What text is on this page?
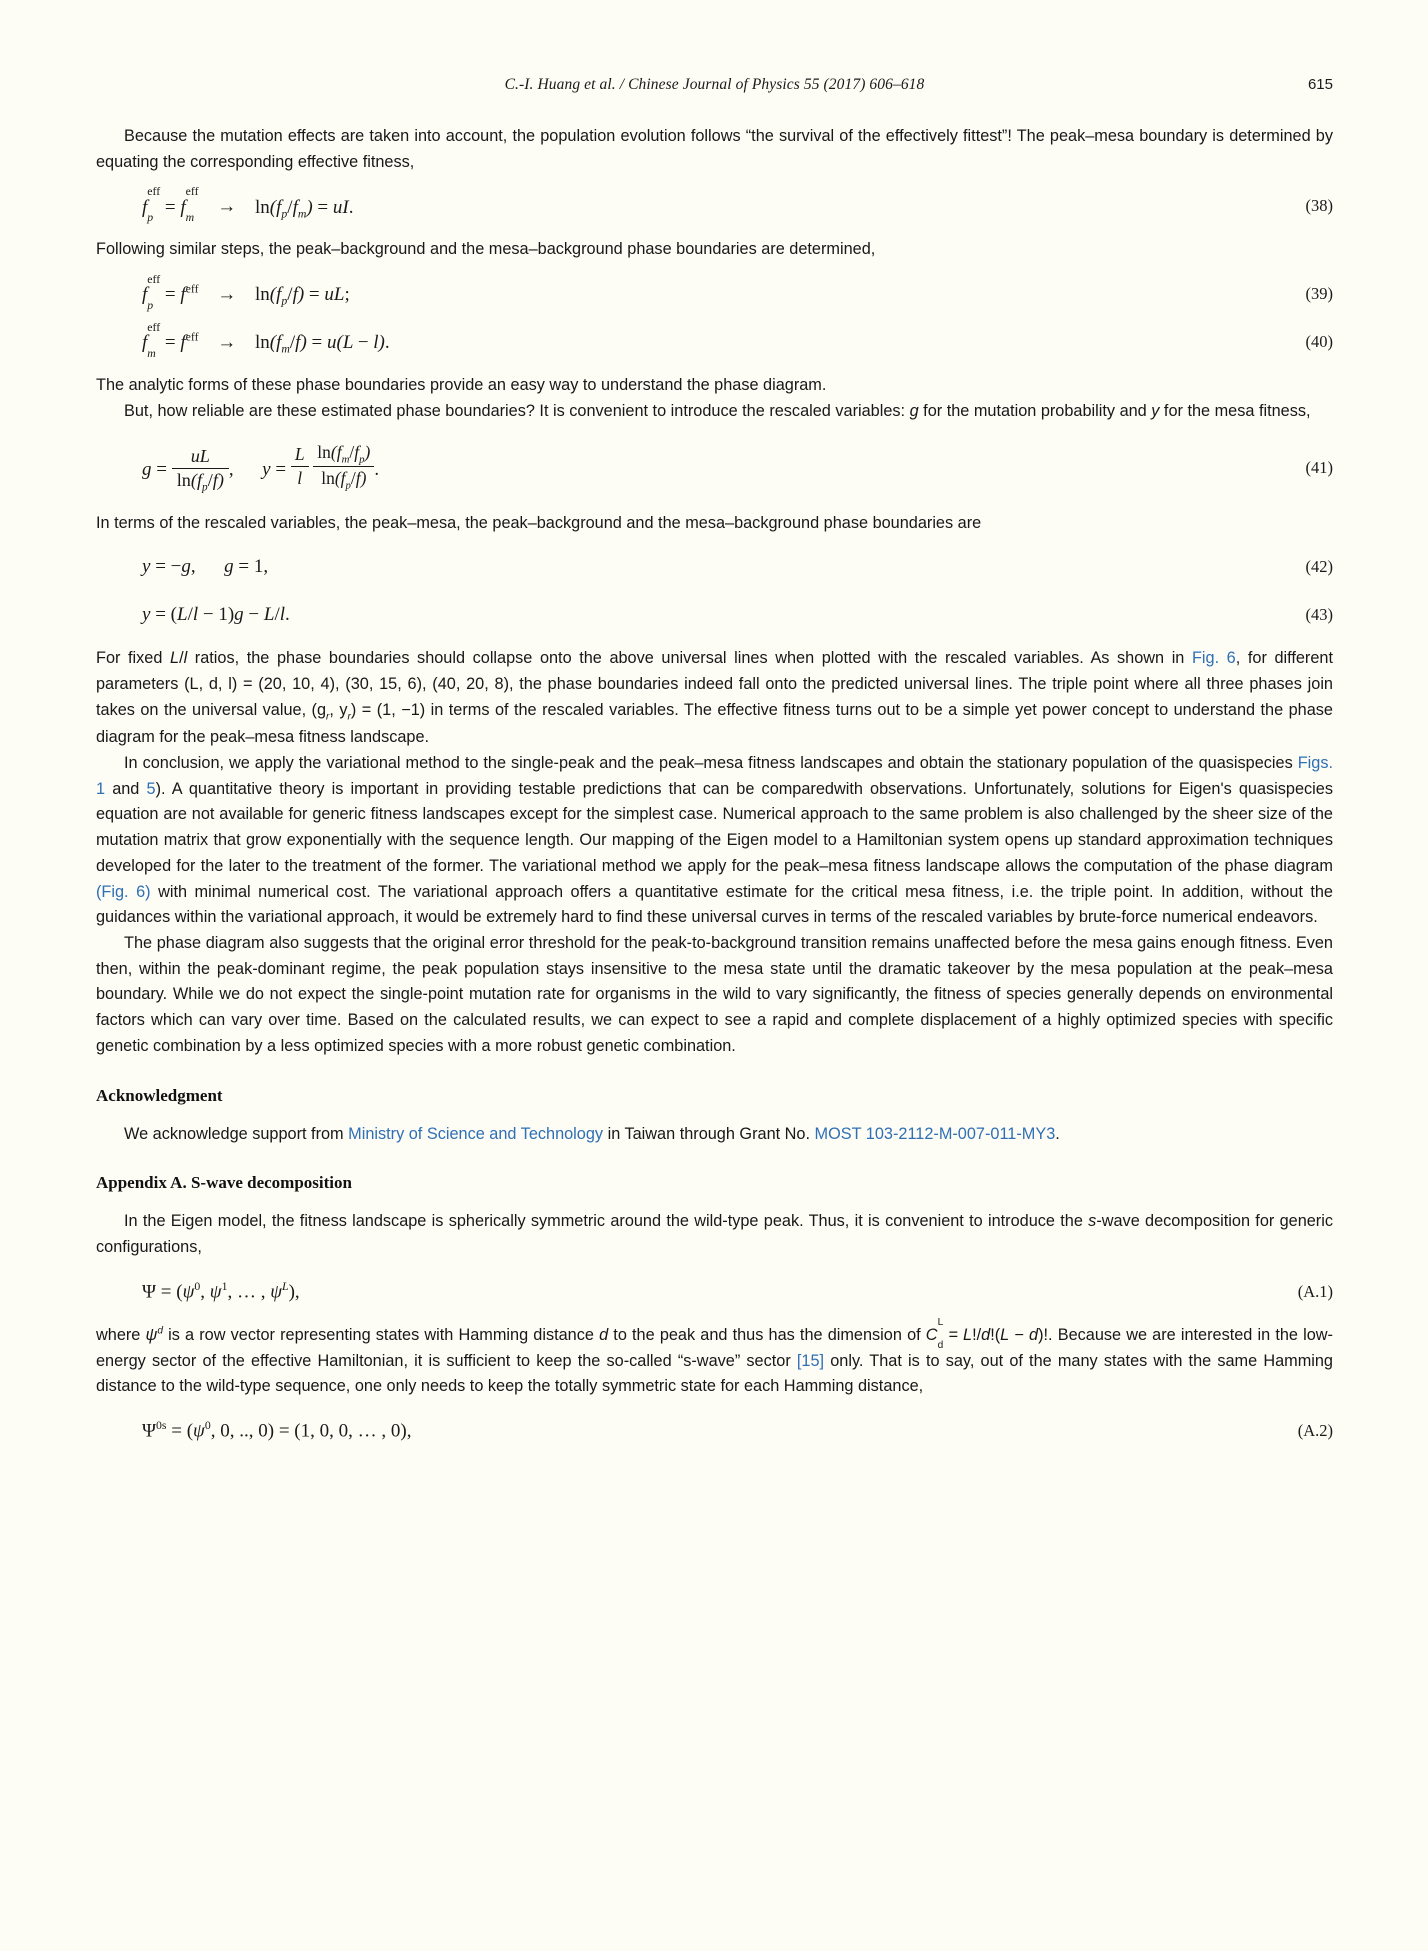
C.-I. Huang et al. / Chinese Journal of Physics 55 (2017) 606–618	615

Because the mutation effects are taken into account, the population evolution follows “the survival of the effectively fittest”! The peak–mesa boundary is determined by equating the corresponding effective fitness,

f
eff
p
= f
eff
m
→ $\ln(f_p/f_m)$ = uI.	(38)

Following similar steps, the peak–background and the mesa–background phase boundaries are determined,

f
eff
p
= $f^{eff} \to \ln(f_p/f)$ = uL;	(39)
f
eff
m
= $f^{eff} \to \ln(f_m/f) = u(L - l)$.	(40)

The analytic forms of these phase boundaries provide an easy way to understand the phase diagram.

But, how reliable are these estimated phase boundaries? It is convenient to introduce the rescaled variables: g for the mutation probability and y for the mesa fitness,

$g = \frac{uL}{\ln(f_p/f)}$ ,      $y = \frac{L}{l}$
$\frac{\ln(f_m/f_p)}{\ln(f_p/f)}$ .	(41)

In terms of the rescaled variables, the peak–mesa, the peak–background and the mesa–background phase boundaries are

y = −g,      g = 1,	(42)
y = (L/l − 1)g − L/l.	(43)

For fixed L/l ratios, the phase boundaries should collapse onto the above universal lines when plotted with the rescaled variables. As shown in Fig. 6, for different parameters (L, d, l) = (20, 10, 4), (30, 15, 6), (40, 20, 8), the phase boundaries indeed fall onto the predicted universal lines. The triple point where all three phases join takes on the universal value, ($g_r$, $y_r) = (1$, −1) in terms of the rescaled variables. The effective fitness turns out to be a simple yet power concept to understand the phase diagram for the peak–mesa fitness landscape.

In conclusion, we apply the variational method to the single-peak and the peak–mesa fitness landscapes and obtain the stationary population of the quasispecies Figs. 1 and 5). A quantitative theory is important in providing testable predictions that can be comparedwith observations. Unfortunately, solutions for Eigen's quasispecies equation are not available for generic fitness landscapes except for the simplest case. Numerical approach to the same problem is also challenged by the sheer size of the mutation matrix that grow exponentially with the sequence length. Our mapping of the Eigen model to a Hamiltonian system opens up standard approximation techniques developed for the later to the treatment of the former. The variational method we apply for the peak–mesa fitness landscape allows the computation of the phase diagram (Fig. 6) with minimal numerical cost. The variational approach offers a quantitative estimate for the critical mesa fitness, i.e. the triple point. In addition, without the guidances within the variational approach, it would be extremely hard to find these universal curves in terms of the rescaled variables by brute-force numerical endeavors.

The phase diagram also suggests that the original error threshold for the peak-to-background transition remains unaffected before the mesa gains enough fitness. Even then, within the peak-dominant regime, the peak population stays insensitive to the mesa state until the dramatic takeover by the mesa population at the peak–mesa boundary. While we do not expect the single-point mutation rate for organisms in the wild to vary significantly, the fitness of species generally depends on environmental factors which can vary over time. Based on the calculated results, we can expect to see a rapid and complete displacement of a highly optimized species with specific genetic combination by a less optimized species with a more robust genetic combination.

Acknowledgment

We acknowledge support from Ministry of Science and Technology in Taiwan through Grant No. MOST 103-2112-M-007-011-MY3.

Appendix A. S-wave decomposition

In the Eigen model, the fitness landscape is spherically symmetric around the wild-type peak. Thus, it is convenient to introduce the s-wave decomposition for generic configurations,

$\Psi = (\psi^0$, $\psi^1$, … , $\psi^L$),	(A.1)

where $\psi^d$ is a row vector representing states with Hamming distance d to the peak and thus has the dimension of C
L
d
= L!/d!(L − d)!. Because we are interested in the low-energy sector of the effective Hamiltonian, it is sufficient to keep the so-called “s-wave” sector [15] only. That is to say, out of the many states with the same Hamming distance to the wild-type sequence, one only needs to keep the totally symmetric state for each Hamming distance,

$\Psi^{0s} = (\psi^0$, 0, .., 0) = (1, 0, 0, … , 0),	(A.2)
